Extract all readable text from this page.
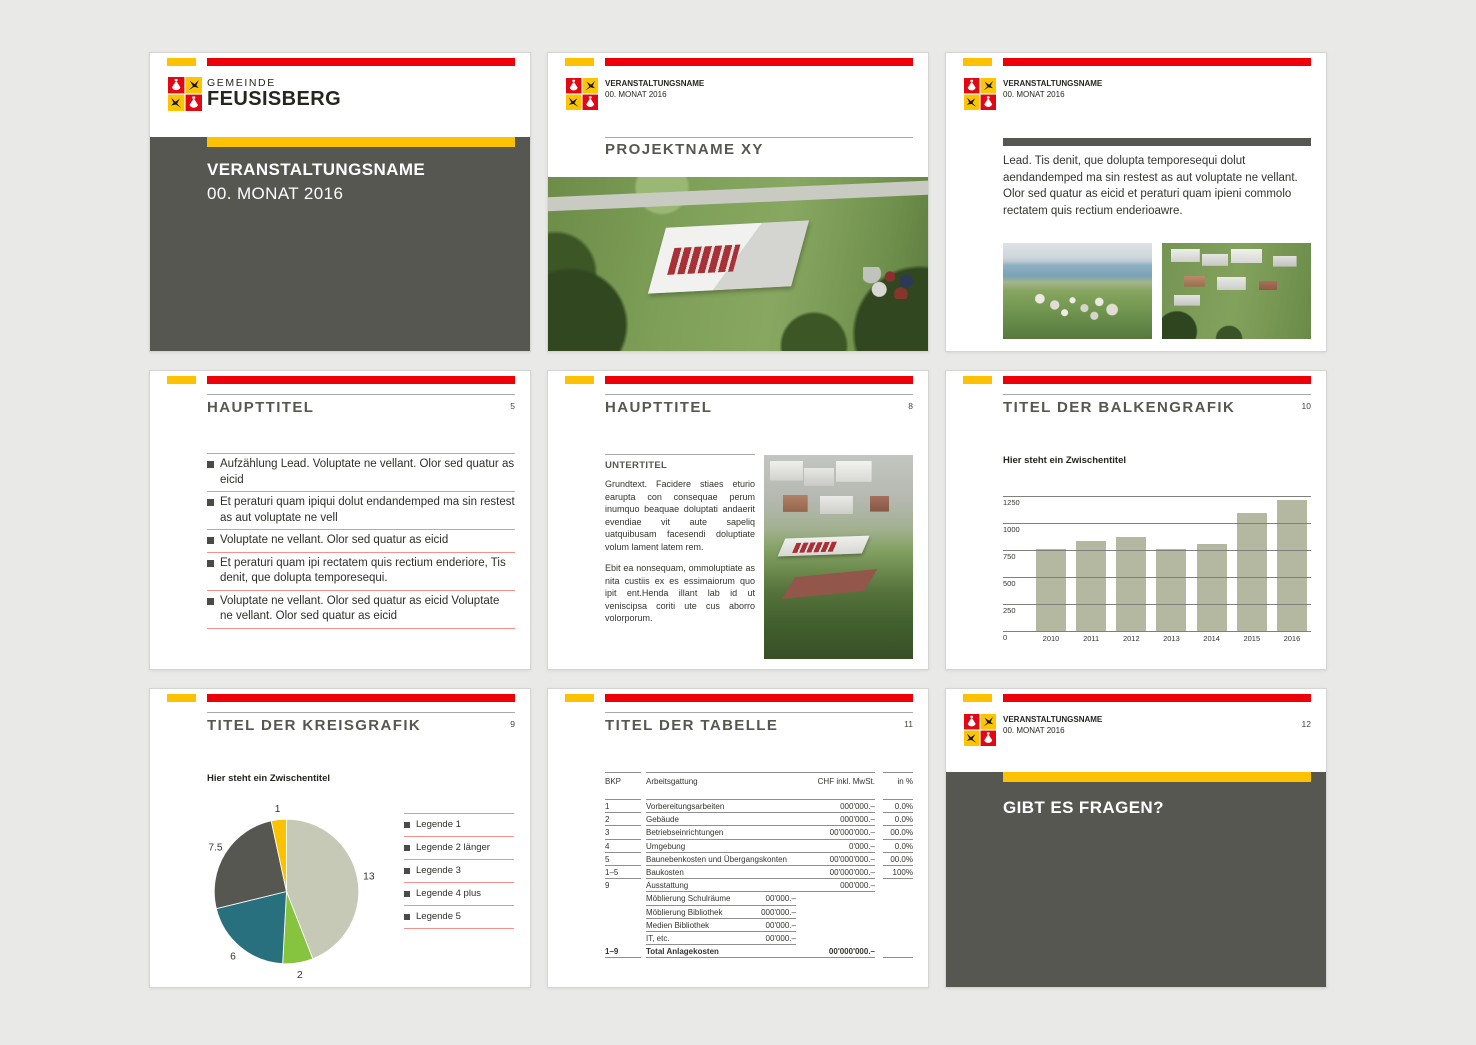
GEMEINDE
FEUSISBERG
VERANSTALTUNGSNAME
00. MONAT 2016
VERANSTALTUNGSNAME
00. MONAT 2016
PROJEKTNAME XY
VERANSTALTUNGSNAME
00. MONAT 2016
Lead. Tis denit, que dolupta temporesequi dolut aendandemped ma sin restest as aut voluptate ne vellant. Olor sed quatur as eicid et peraturi quam ipieni commolo rectatem quis rectium enderioawre.
HAUPTTITEL	5
Aufzählung Lead. Voluptate ne vellant. Olor sed quatur as eicid
Et peraturi quam ipiqui dolut endandemped ma sin restest as aut voluptate ne vell
Voluptate ne vellant. Olor sed quatur as eicid
Et peraturi quam ipi rectatem quis rectium enderiore, Tis denit, que dolupta temporesequi.
Voluptate ne vellant. Olor sed quatur as eicid Voluptate ne vellant. Olor sed quatur as eicid
HAUPTTITEL	8
UNTERTITEL

Grundtext. Facidere stiaes eturio earupta con consequae perum inumquo beaquae doluptati andaerit evendiae vit aute sapeliq uatquibusam facesendi doluptiate volum lament latem rem.

Ebit ea nonsequam, ommoluptiate as nita custiis ex es essimaiorum quo ipit ent.Henda illant lab id ut veniscipsa coriti ute cus aborro volorporum.

TITEL DER BALKENGRAFIK	10
Hier steht ein Zwischentitel
2010	2011	2012	2013	2014	2015	2016
1250
1000
750
500
250
0
TITEL DER KREISGRAFIK	9
Hier steht ein Zwischentitel
Legende 1
Legende 2 länger
Legende 3
Legende 4 plus
Legende 5
TITEL DER TABELLE	11
BKP	Arbeitsgattung	CHF inkl. MwSt.	in %
1	Vorbereitungsarbeiten	000'000.–	0.0%
2	Gebäude	000'000.–	0.0%
3	Betriebseinrichtungen	00'000'000.–	00.0%
4	Umgebung	0'000.–	0.0%
5	Baunebenkosten und Übergangskonten	00'000'000.–	00.0%
1–5	Baukosten	00'000'000.–	100%
9	Ausstattung	000'000.–
Möblierung Schulräume	00'000.–
Möblierung Bibliothek	000'000.–
Medien Bibliothek	00'000.–
IT, etc.	00'000.–
1–9	Total Anlagekosten	00'000'000.–
VERANSTALTUNGSNAME
00. MONAT 2016
12
GIBT ES FRAGEN?
